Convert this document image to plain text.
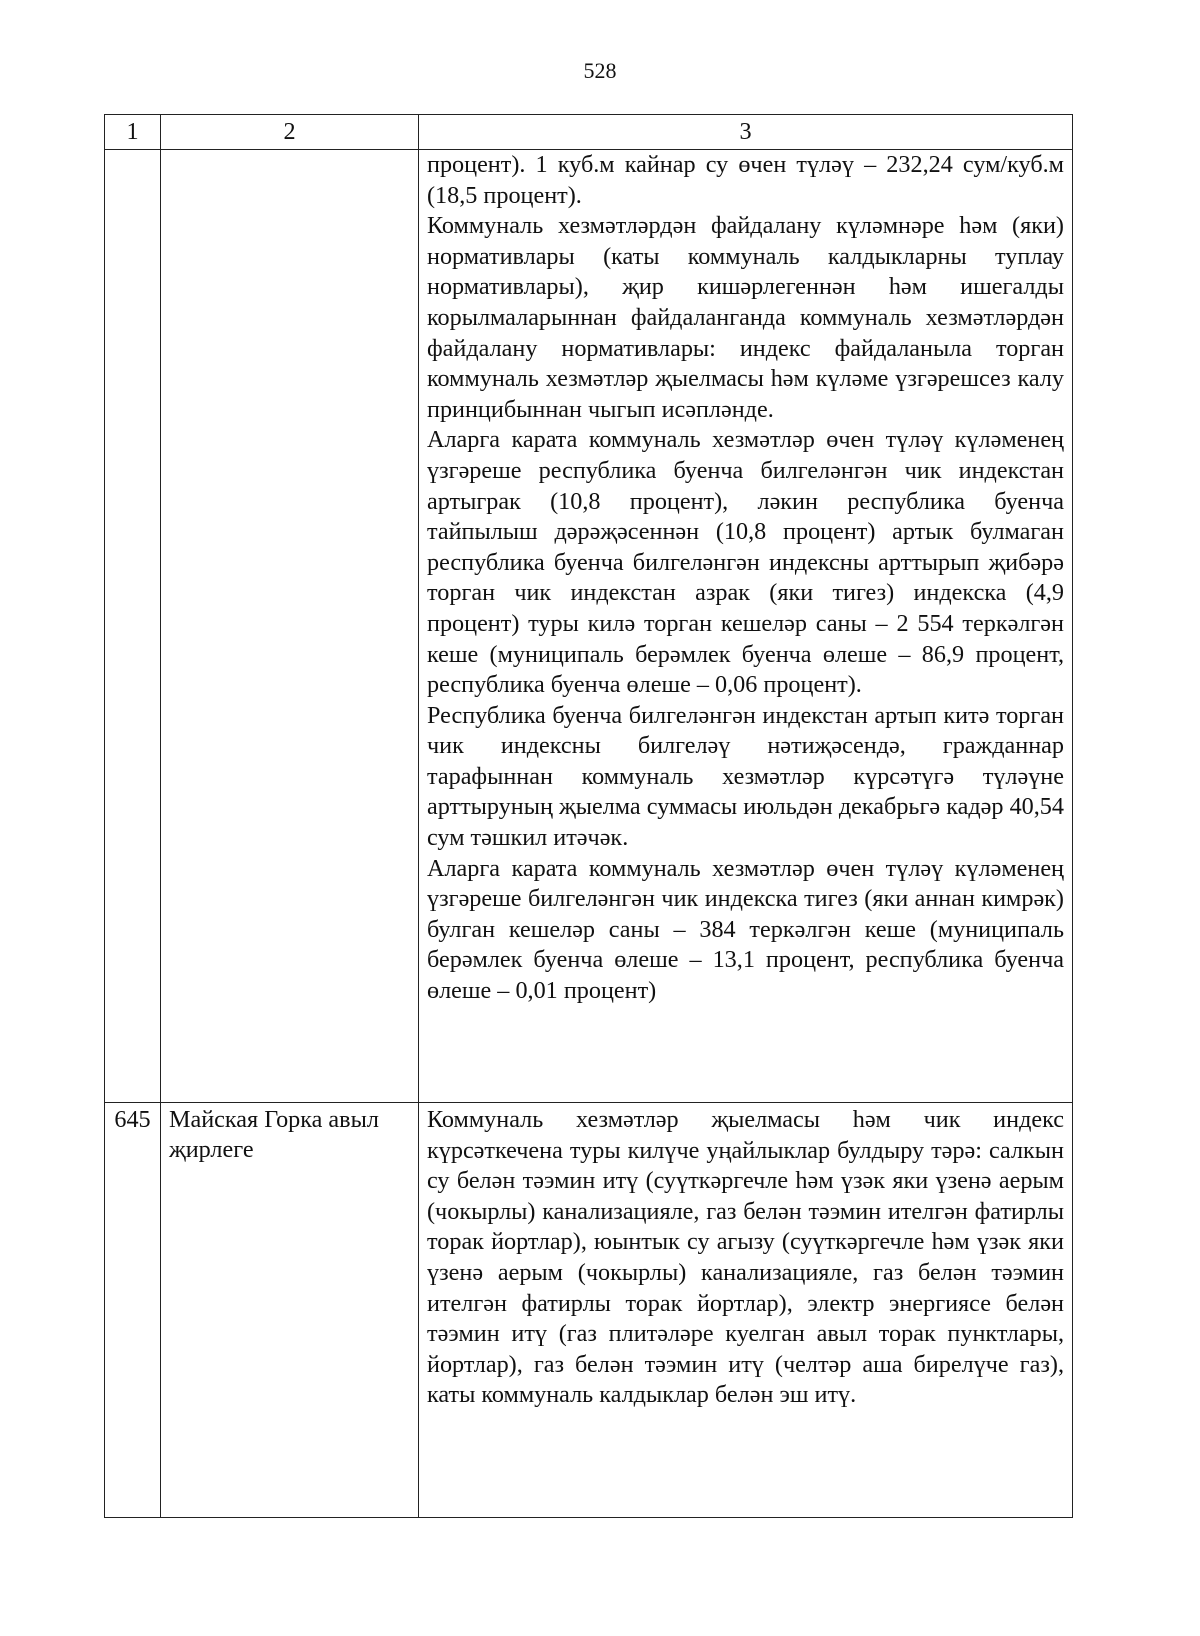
528
1	2	3

		процент). 1 куб.м кайнар су өчен түләү – 232,24 сум/куб.м (18,5 процент).

Коммуналь хезмәтләрдән файдалану күләмнәре һәм (яки) нормативлары (каты коммуналь калдыкларны туплау нормативлары), җир кишәрлегеннән һәм ишегалды корылмаларыннан файдаланганда коммуналь хезмәтләрдән файдалану нормативлары: индекс файдаланыла торган коммуналь хезмәтләр җыелмасы һәм күләме үзгәрешсез калу принцибыннан чыгып исәпләнде.

Аларга карата коммуналь хезмәтләр өчен түләү күләменең үзгәреше республика буенча билгеләнгән чик индекстан артыграк (10,8 процент), ләкин республика буенча тайпылыш дәрәҗәсеннән (10,8 процент) артык булмаган республика буенча билгеләнгән индексны арттырып җибәрә торган чик индекстан азрак (яки тигез) индекска (4,9 процент) туры килә торган кешеләр саны – 2 554 теркәлгән кеше (муниципаль берәмлек буенча өлеше – 86,9 процент, республика буенча өлеше – 0,06 процент).

Республика буенча билгеләнгән индекстан артып китә торган чик индексны билгеләү нәтиҗәсендә, гражданнар тарафыннан коммуналь хезмәтләр күрсәтүгә түләүне арттыруның җыелма суммасы июльдән декабрьгә кадәр 40,54 сум тәшкил итәчәк.

Аларга карата коммуналь хезмәтләр өчен түләү күләменең үзгәреше билгеләнгән чик индекска тигез (яки аннан кимрәк) булган кешеләр саны – 384 теркәлгән кеше (муниципаль берәмлек буенча өлеше – 13,1 процент, республика буенча өлеше – 0,01 процент)

645	Майская Горка авыл җирлеге	Коммуналь хезмәтләр җыелмасы һәм чик индекс күрсәткечена туры килүче уңайлыклар булдыру тәрә: салкын су белән тәэмин итү (суүткәргечле һәм үзәк яки үзенә аерым (чокырлы) канализацияле, газ белән тәэмин ителгән фатирлы торак йортлар), юынтык су агызу (суүткәргечле һәм үзәк яки үзенә аерым (чокырлы) канализацияле, газ белән тәэмин ителгән фатирлы торак йортлар), электр энергиясе белән тәэмин итү (газ плитәләре куелган авыл торак пунктлары, йортлар), газ белән тәэмин итү (челтәр аша бирелүче газ), каты коммуналь калдыклар белән эш итү.
